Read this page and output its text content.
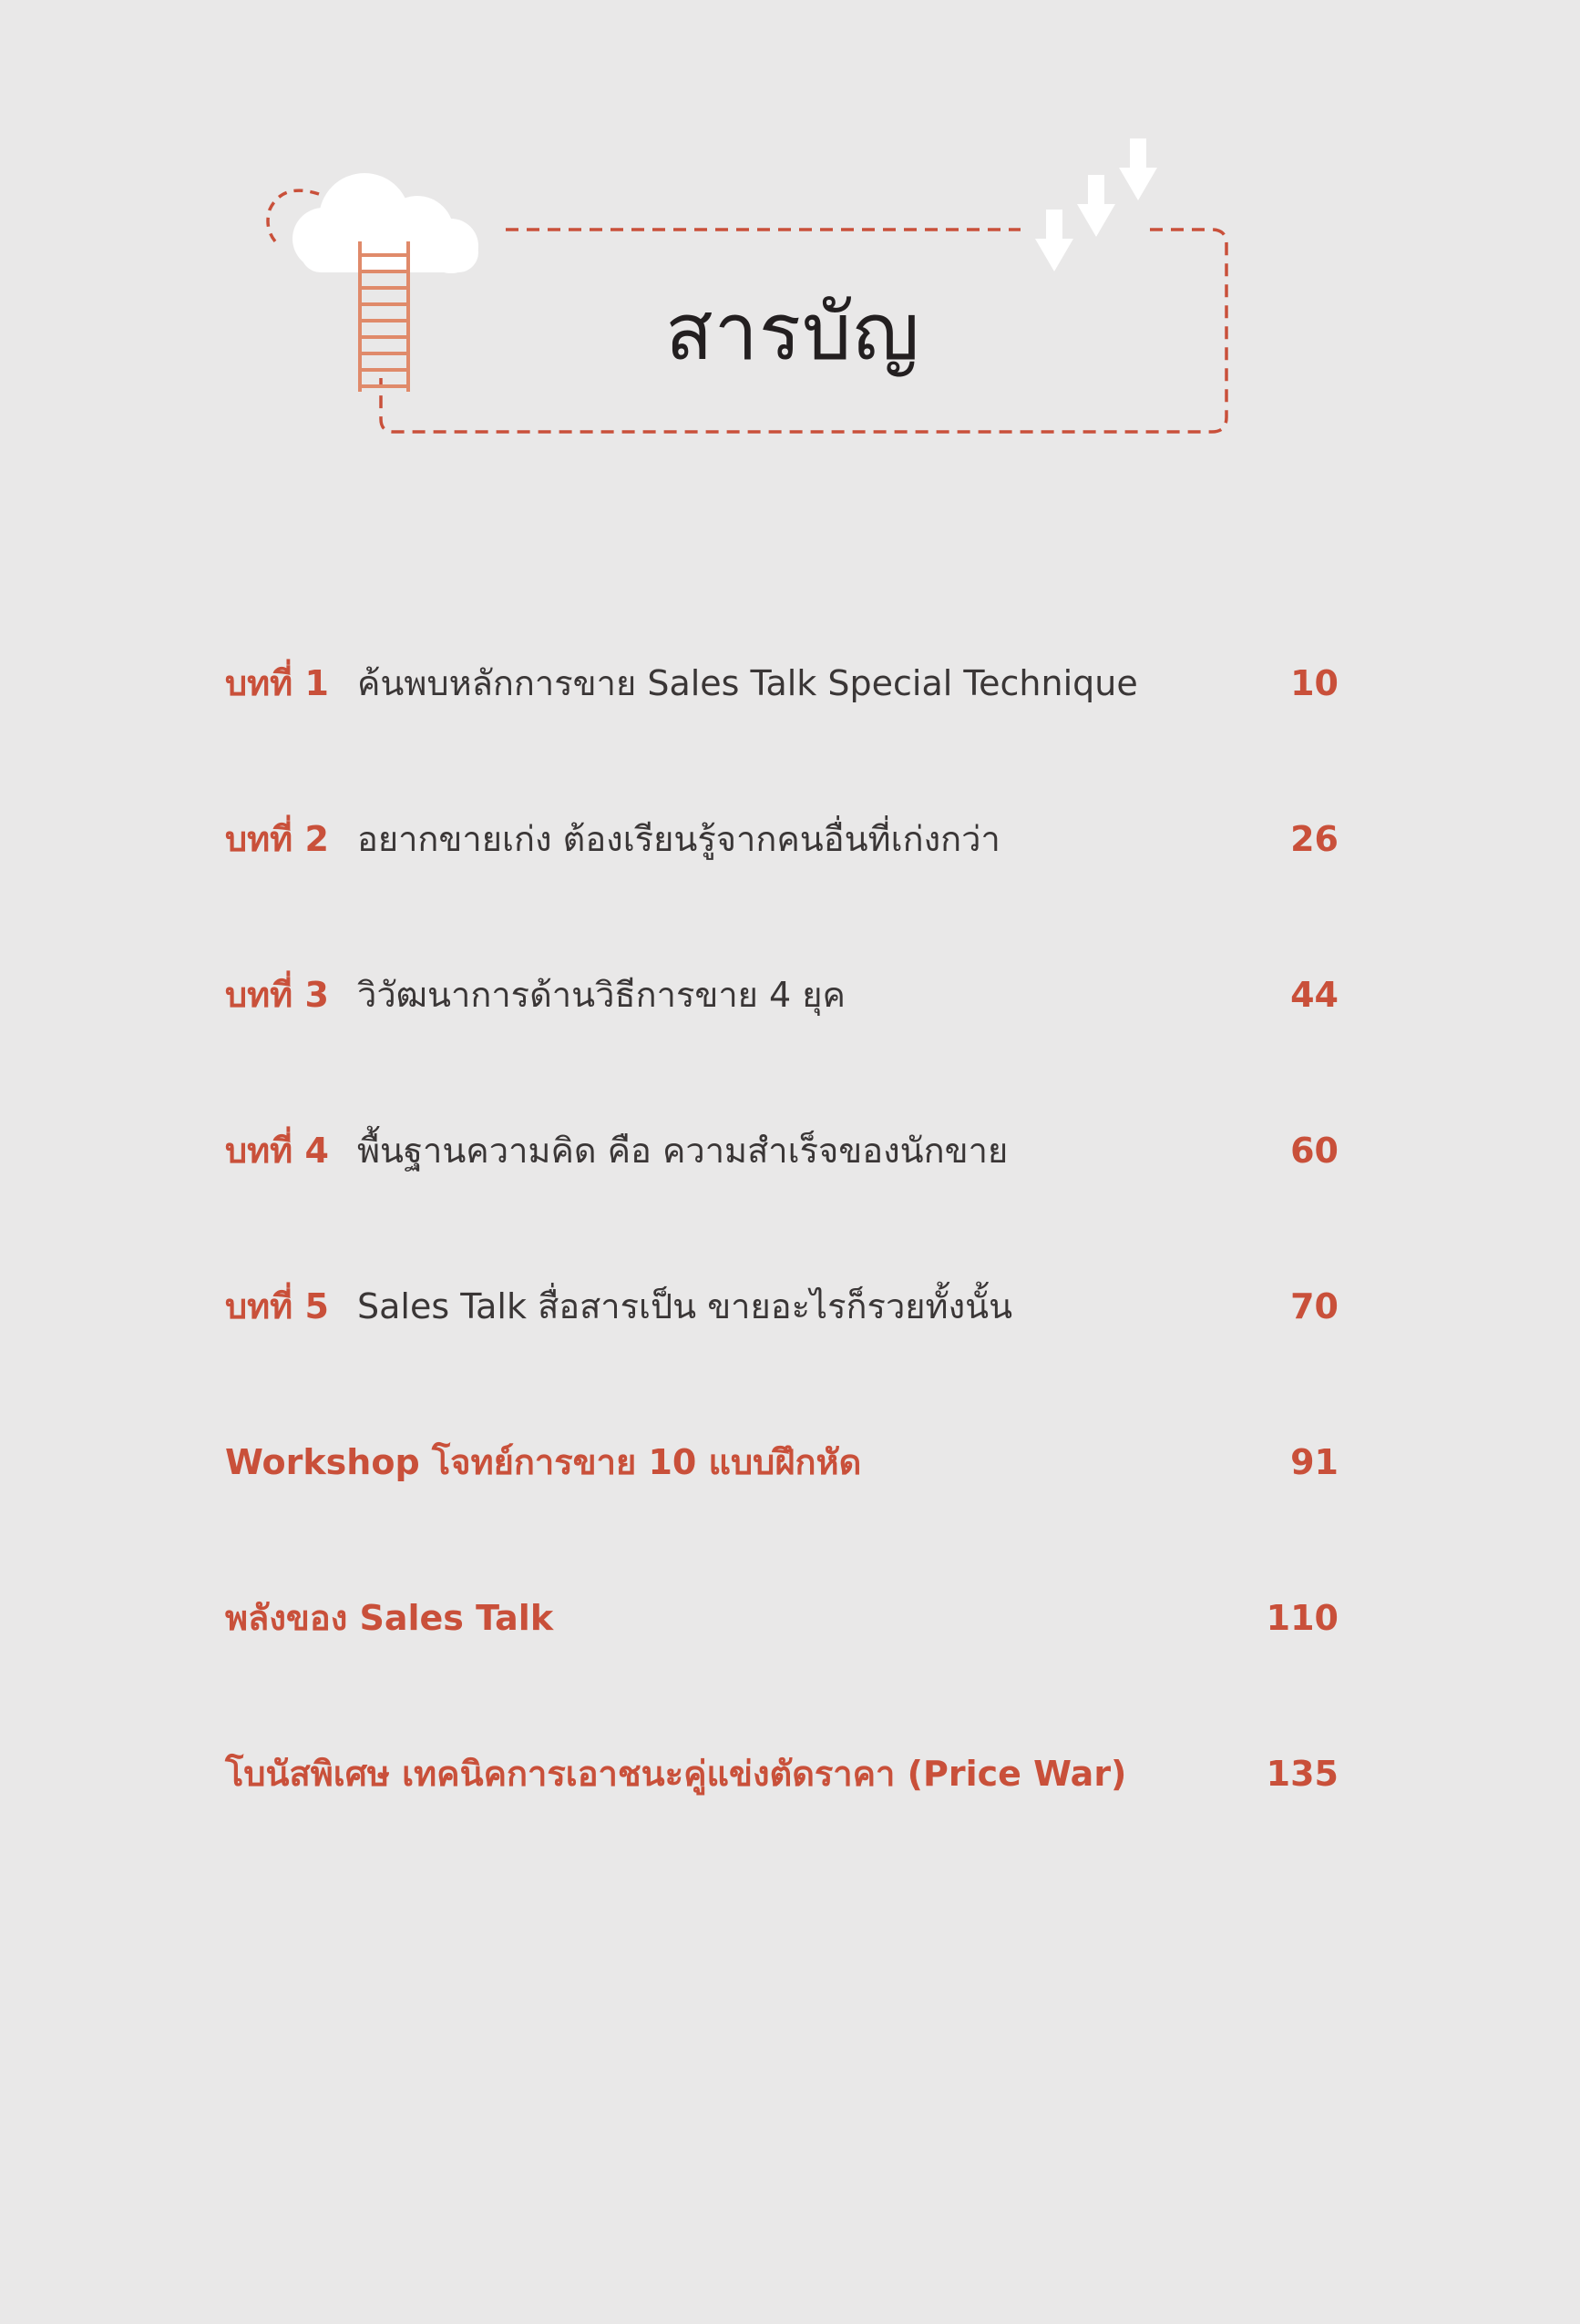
สารบัญ
บทที่ 1 ค้นพบหลักการขาย Sales Talk Special Technique	10
บทที่ 2 อยากขายเก่ง ต้องเรียนรู้จากคนอื่นที่เก่งกว่า	26
บทที่ 3 วิวัฒนาการด้านวิธีการขาย 4 ยุค	44
บทที่ 4 พื้นฐานความคิด คือ ความสำเร็จของนักขาย	60
บทที่ 5 Sales Talk สื่อสารเป็น ขายอะไรก็รวยทั้งนั้น	70
Workshop โจทย์การขาย 10 แบบฝึกหัด	91
พลังของ Sales Talk	110
โบนัสพิเศษ เทคนิคการเอาชนะคู่แข่งตัดราคา (Price War)	135
